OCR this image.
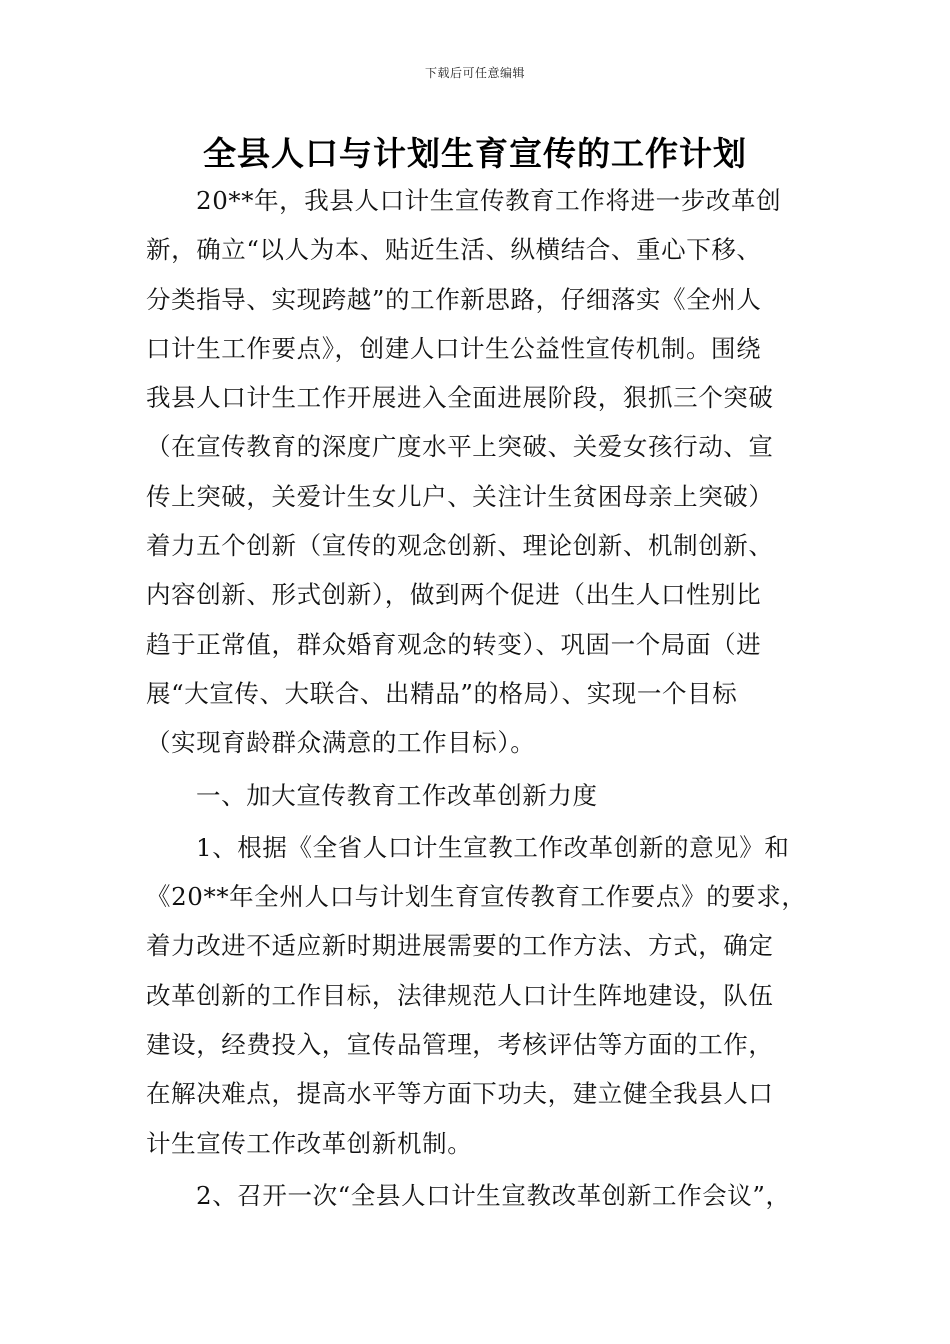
下载后可任意编辑
全县人口与计划生育宣传的工作计划
20**年，我县人口计生宣传教育工作将进一步改革创
新，确立“以人为本、贴近生活、纵横结合、重心下移、
分类指导、实现跨越”的工作新思路，仔细落实《全州人
口计生工作要点》，创建人口计生公益性宣传机制。围绕
我县人口计生工作开展进入全面进展阶段，狠抓三个突破
（在宣传教育的深度广度水平上突破、关爱女孩行动、宣
传上突破，关爱计生女儿户、关注计生贫困母亲上突破）
着力五个创新（宣传的观念创新、理论创新、机制创新、
内容创新、形式创新），做到两个促进（出生人口性别比
趋于正常值，群众婚育观念的转变）、巩固一个局面（进
展“大宣传、大联合、出精品”的格局）、实现一个目标
（实现育龄群众满意的工作目标）。
一、加大宣传教育工作改革创新力度
1、根据《全省人口计生宣教工作改革创新的意见》和
《20**年全州人口与计划生育宣传教育工作要点》的要求，
着力改进不适应新时期进展需要的工作方法、方式，确定
改革创新的工作目标，法律规范人口计生阵地建设，队伍
建设，经费投入，宣传品管理，考核评估等方面的工作，
在解决难点，提高水平等方面下功夫，建立健全我县人口
计生宣传工作改革创新机制。
2、召开一次“全县人口计生宣教改革创新工作会议”，
